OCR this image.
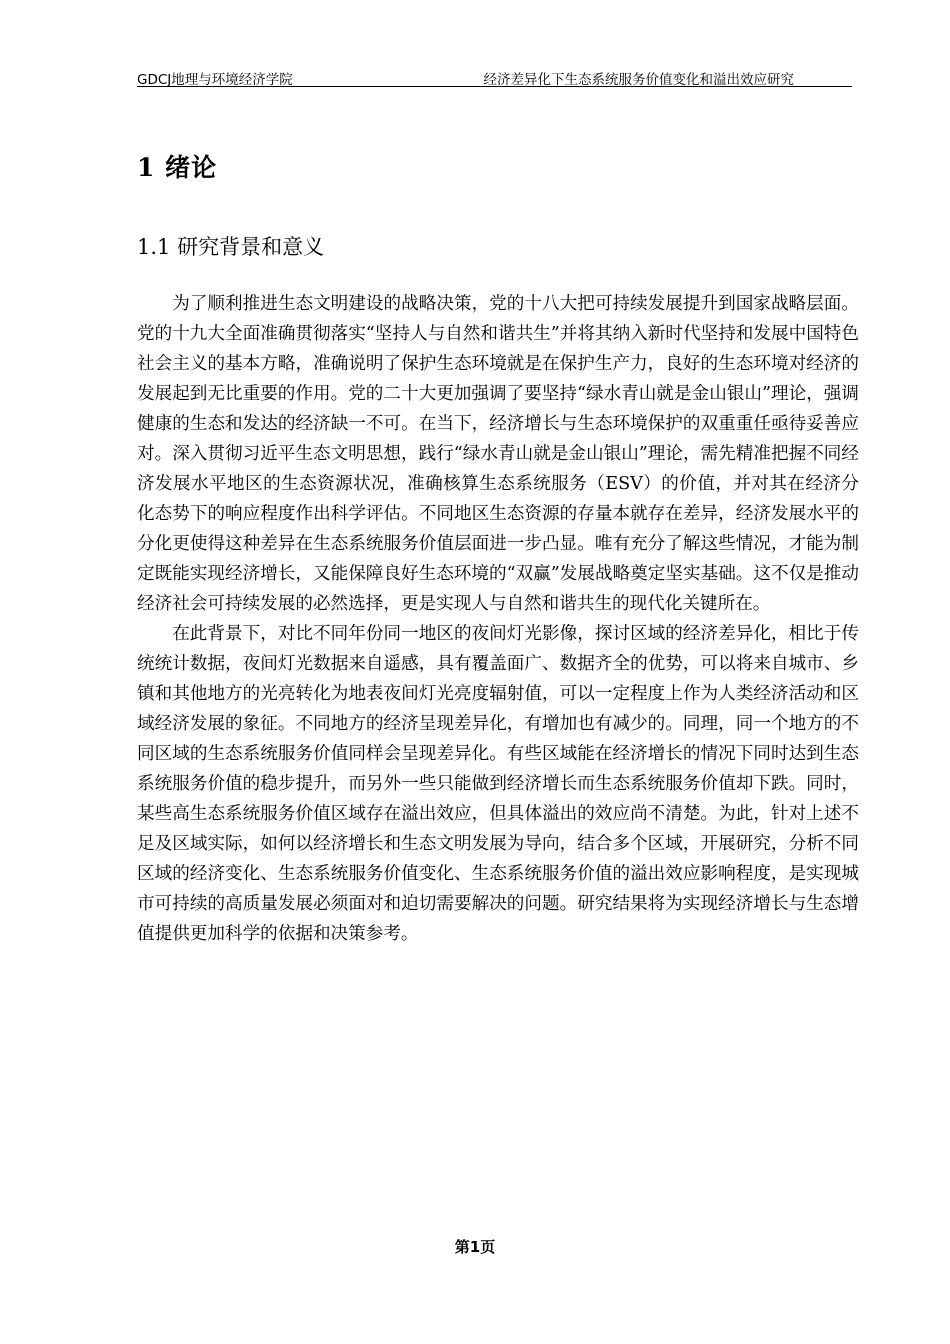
GDCJ地理与环境经济学院	经济差异化下生态系统服务价值变化和溢出效应研究
1 绪论
1.1 研究背景和意义

为了顺利推进生态文明建设的战略决策，党的十八大把可持续发展提升到国家战略层面。党的十九大全面准确贯彻落实“坚持人与自然和谐共生”并将其纳入新时代坚持和发展中国特色社会主义的基本方略，准确说明了保护生态环境就是在保护生产力，良好的生态环境对经济的发展起到无比重要的作用。党的二十大更加强调了要坚持“绿水青山就是金山银山”理论，强调健康的生态和发达的经济缺一不可。在当下，经济增长与生态环境保护的双重重任亟待妥善应对。深入贯彻习近平生态文明思想，践行“绿水青山就是金山银山”理论，需先精准把握不同经济发展水平地区的生态资源状况，准确核算生态系统服务（ESV）的价值，并对其在经济分化态势下的响应程度作出科学评估。不同地区生态资源的存量本就存在差异，经济发展水平的分化更使得这种差异在生态系统服务价值层面进一步凸显。唯有充分了解这些情况，才能为制定既能实现经济增长，又能保障良好生态环境的“双赢”发展战略奠定坚实基础。这不仅是推动经济社会可持续发展的必然选择，更是实现人与自然和谐共生的现代化关键所在。

在此背景下，对比不同年份同一地区的夜间灯光影像，探讨区域的经济差异化，相比于传统统计数据，夜间灯光数据来自遥感，具有覆盖面广、数据齐全的优势，可以将来自城市、乡镇和其他地方的光亮转化为地表夜间灯光亮度辐射值，可以一定程度上作为人类经济活动和区域经济发展的象征。不同地方的经济呈现差异化，有增加也有减少的。同理，同一个地方的不同区域的生态系统服务价值同样会呈现差异化。有些区域能在经济增长的情况下同时达到生态系统服务价值的稳步提升，而另外一些只能做到经济增长而生态系统服务价值却下跌。同时，某些高生态系统服务价值区域存在溢出效应，但具体溢出的效应尚不清楚。为此，针对上述不足及区域实际，如何以经济增长和生态文明发展为导向，结合多个区域，开展研究，分析不同区域的经济变化、生态系统服务价值变化、生态系统服务价值的溢出效应影响程度，是实现城市可持续的高质量发展必须面对和迫切需要解决的问题。研究结果将为实现经济增长与生态增值提供更加科学的依据和决策参考。

第1页
